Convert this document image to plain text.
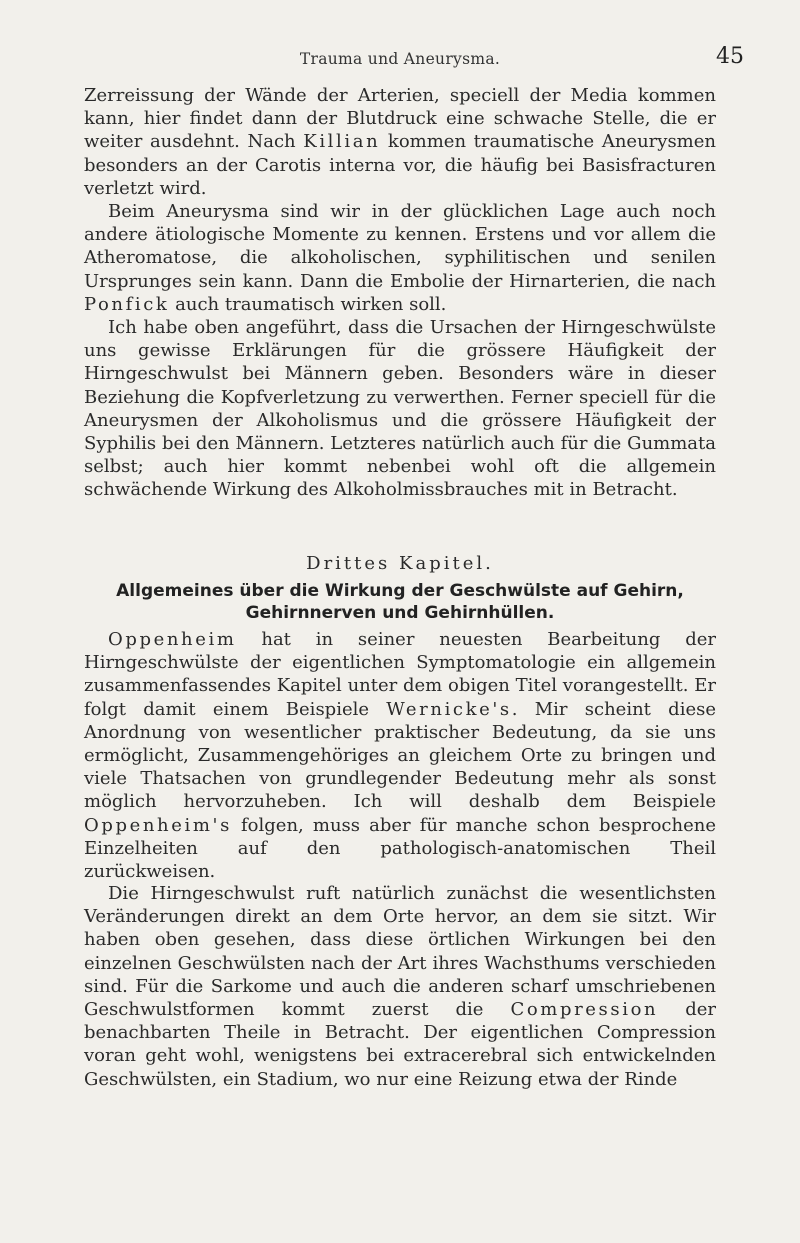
Trauma und Aneurysma.	45

Zerreissung der Wände der Arterien, speciell der Media kommen kann, hier findet dann der Blutdruck eine schwache Stelle, die er weiter ausdehnt. Nach Killian kommen traumatische Aneurysmen besonders an der Carotis interna vor, die häufig bei Basisfracturen verletzt wird.

Beim Aneurysma sind wir in der glücklichen Lage auch noch andere ätiologische Momente zu kennen. Erstens und vor allem die Atheromatose, die alkoholischen, syphilitischen und senilen Ursprunges sein kann. Dann die Embolie der Hirnarterien, die nach Ponfick auch traumatisch wirken soll.

Ich habe oben angeführt, dass die Ursachen der Hirngeschwülste uns gewisse Erklärungen für die grössere Häufigkeit der Hirngeschwulst bei Männern geben. Besonders wäre in dieser Beziehung die Kopfverletzung zu verwerthen. Ferner speciell für die Aneurysmen der Alkoholismus und die grössere Häufigkeit der Syphilis bei den Männern. Letzteres natürlich auch für die Gummata selbst; auch hier kommt nebenbei wohl oft die allgemein schwächende Wirkung des Alkoholmissbrauches mit in Betracht.

Drittes Kapitel.
Allgemeines über die Wirkung der Geschwülste auf Gehirn, Gehirnnerven und Gehirnhüllen.

Oppenheim hat in seiner neuesten Bearbeitung der Hirngeschwülste der eigentlichen Symptomatologie ein allgemein zusammenfassendes Kapitel unter dem obigen Titel vorangestellt. Er folgt damit einem Beispiele Wernicke's. Mir scheint diese Anordnung von wesentlicher praktischer Bedeutung, da sie uns ermöglicht, Zusammengehöriges an gleichem Orte zu bringen und viele Thatsachen von grundlegender Bedeutung mehr als sonst möglich hervorzuheben. Ich will deshalb dem Beispiele Oppenheim's folgen, muss aber für manche schon besprochene Einzelheiten auf den pathologisch-anatomischen Theil zurückweisen.

Die Hirngeschwulst ruft natürlich zunächst die wesentlichsten Veränderungen direkt an dem Orte hervor, an dem sie sitzt. Wir haben oben gesehen, dass diese örtlichen Wirkungen bei den einzelnen Geschwülsten nach der Art ihres Wachsthums verschieden sind. Für die Sarkome und auch die anderen scharf umschriebenen Geschwulstformen kommt zuerst die Compression der benachbarten Theile in Betracht. Der eigentlichen Compression voran geht wohl, wenigstens bei extracerebral sich entwickelnden Geschwülsten, ein Stadium, wo nur eine Reizung etwa der Rinde
